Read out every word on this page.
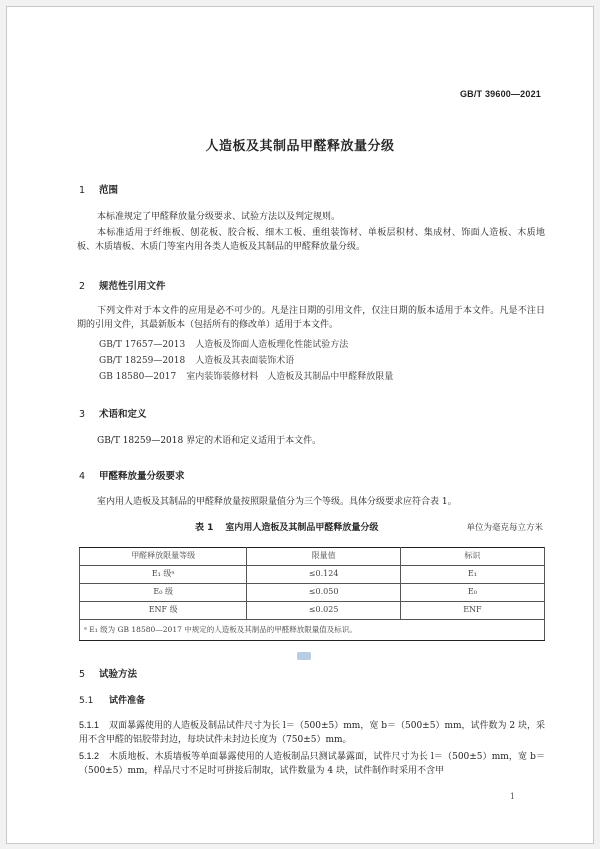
GB/T 39600—2021
人造板及其制品甲醛释放量分级
1 范围
本标准规定了甲醛释放量分级要求、试验方法以及判定规则。
本标准适用于纤维板、刨花板、胶合板、细木工板、重组装饰材、单板层积材、集成材、饰面人造板、木质地板、木质墙板、木质门等室内用各类人造板及其制品的甲醛释放量分级。
2 规范性引用文件
下列文件对于本文件的应用是必不可少的。凡是注日期的引用文件，仅注日期的版本适用于本文件。凡是不注日期的引用文件，其最新版本（包括所有的修改单）适用于本文件。
GB/T 17657—2013 人造板及饰面人造板理化性能试验方法
GB/T 18259—2018 人造板及其表面装饰术语
GB 18580—2017 室内装饰装修材料　人造板及其制品中甲醛释放限量
3 术语和定义
GB/T 18259—2018 界定的术语和定义适用于本文件。
4 甲醛释放量分级要求
室内用人造板及其制品的甲醛释放量按照限量值分为三个等级。具体分级要求应符合表 1。
表 1 室内用人造板及其制品甲醛释放量分级	单位为毫克每立方米
甲醛释放限量等级	限量值	标识
E₁ 级ᵃ	≤0.124	E₁
E₀ 级	≤0.050	E₀
ENF 级	≤0.025	ENF
ᵃ E₁ 级为 GB 18580—2017 中规定的人造板及其制品的甲醛释放限量值及标识。		
5 试验方法
5.1 试件准备
5.1.1 双面暴露使用的人造板及制品试件尺寸为长 l＝（500±5）mm，宽 b＝（500±5）mm，试件数为 2 块，采用不含甲醛的铝胶带封边，每块试件未封边长度为（750±5）mm。
5.1.2 木质地板、木质墙板等单面暴露使用的人造板制品只测试暴露面，试件尺寸为长 l＝（500±5）mm，宽 b＝（500±5）mm，样品尺寸不足时可拼接后制取，试件数量为 4 块，试件制作时采用不含甲
1
